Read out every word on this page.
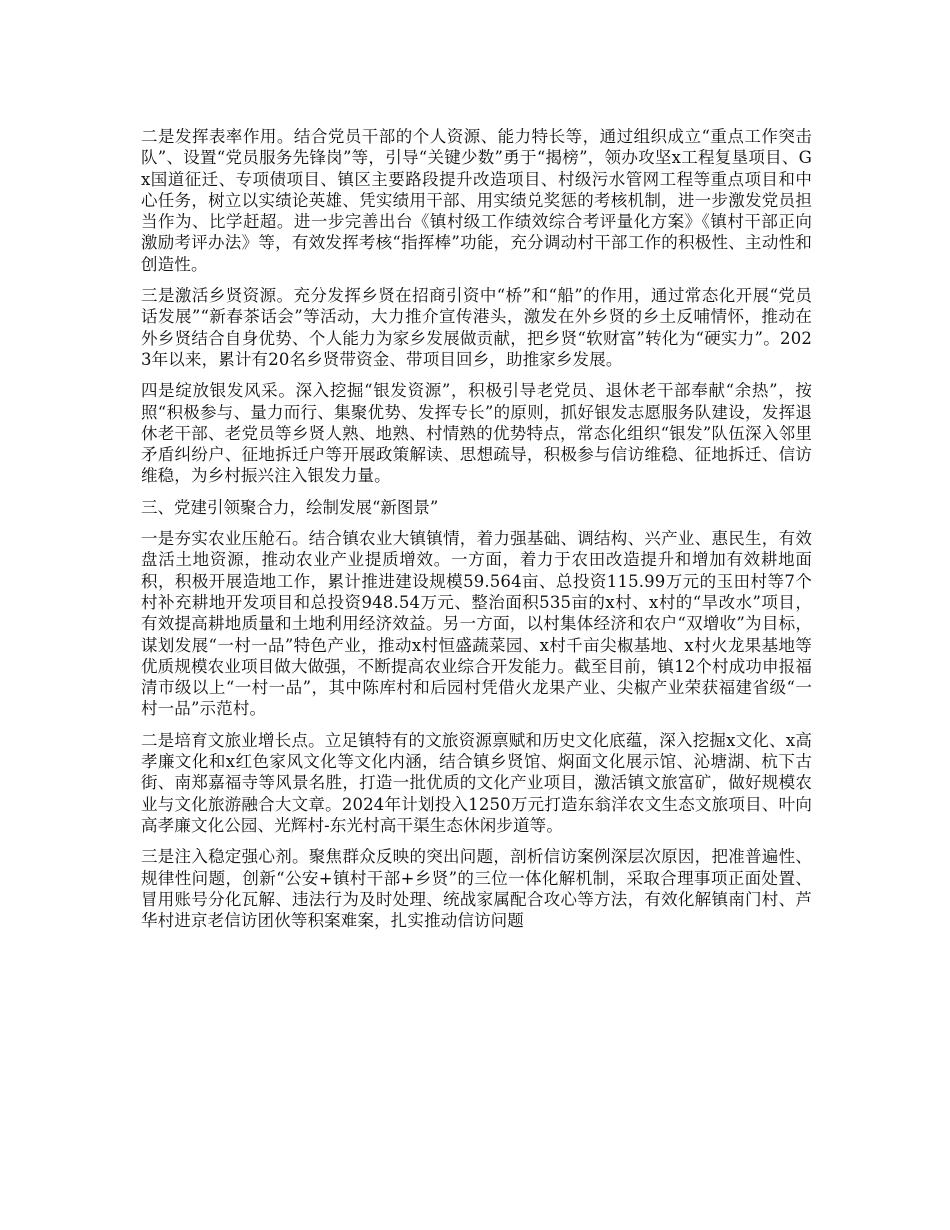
二是发挥表率作用。结合党员干部的个人资源、能力特长等，通过组织成立“重点工作突击队”、设置“党员服务先锋岗”等，引导“关键少数”勇于“揭榜”，领办攻坚x工程复垦项目、Gx国道征迁、专项债项目、镇区主要路段提升改造项目、村级污水管网工程等重点项目和中心任务，树立以实绩论英雄、凭实绩用干部、用实绩兑奖惩的考核机制，进一步激发党员担当作为、比学赶超。进一步完善出台《镇村级工作绩效综合考评量化方案》《镇村干部正向激励考评办法》等，有效发挥考核“指挥棒”功能，充分调动村干部工作的积极性、主动性和创造性。

三是激活乡贤资源。充分发挥乡贤在招商引资中“桥”和“船”的作用，通过常态化开展“党员话发展”“新春茶话会”等活动，大力推介宣传港头，激发在外乡贤的乡土反哺情怀，推动在外乡贤结合自身优势、个人能力为家乡发展做贡献，把乡贤“软财富”转化为“硬实力”。2023年以来，累计有20名乡贤带资金、带项目回乡，助推家乡发展。

四是绽放银发风采。深入挖掘“银发资源”，积极引导老党员、退休老干部奉献“余热”，按照“积极参与、量力而行、集聚优势、发挥专长”的原则，抓好银发志愿服务队建设，发挥退休老干部、老党员等乡贤人熟、地熟、村情熟的优势特点，常态化组织“银发”队伍深入邻里矛盾纠纷户、征地拆迁户等开展政策解读、思想疏导，积极参与信访维稳、征地拆迁、信访维稳，为乡村振兴注入银发力量。

三、党建引领聚合力，绘制发展“新图景”

一是夯实农业压舱石。结合镇农业大镇镇情，着力强基础、调结构、兴产业、惠民生，有效盘活土地资源，推动农业产业提质增效。一方面，着力于农田改造提升和增加有效耕地面积，积极开展造地工作，累计推进建设规模59.564亩、总投资115.99万元的玉田村等7个村补充耕地开发项目和总投资948.54万元、整治面积535亩的x村、x村的“旱改水”项目，有效提高耕地质量和土地利用经济效益。另一方面，以村集体经济和农户“双增收”为目标，谋划发展“一村一品”特色产业，推动x村恒盛蔬菜园、x村千亩尖椒基地、x村火龙果基地等优质规模农业项目做大做强，不断提高农业综合开发能力。截至目前，镇12个村成功申报福清市级以上“一村一品”，其中陈库村和后园村凭借火龙果产业、尖椒产业荣获福建省级“一村一品”示范村。

二是培育文旅业增长点。立足镇特有的文旅资源禀赋和历史文化底蕴，深入挖掘x文化、x高孝廉文化和x红色家风文化等文化内涵，结合镇乡贤馆、焖面文化展示馆、沁塘湖、杭下古街、南郑嘉福寺等风景名胜，打造一批优质的文化产业项目，激活镇文旅富矿，做好规模农业与文化旅游融合大文章。2024年计划投入1250万元打造东翁洋农文生态文旅项目、叶向高孝廉文化公园、光辉村-东光村高干渠生态休闲步道等。

三是注入稳定强心剂。聚焦群众反映的突出问题，剖析信访案例深层次原因，把准普遍性、规律性问题，创新“公安+镇村干部+乡贤”的三位一体化解机制，采取合理事项正面处置、冒用账号分化瓦解、违法行为及时处理、统战家属配合攻心等方法，有效化解镇南门村、芦华村进京老信访团伙等积案难案，扎实推动信访问题
